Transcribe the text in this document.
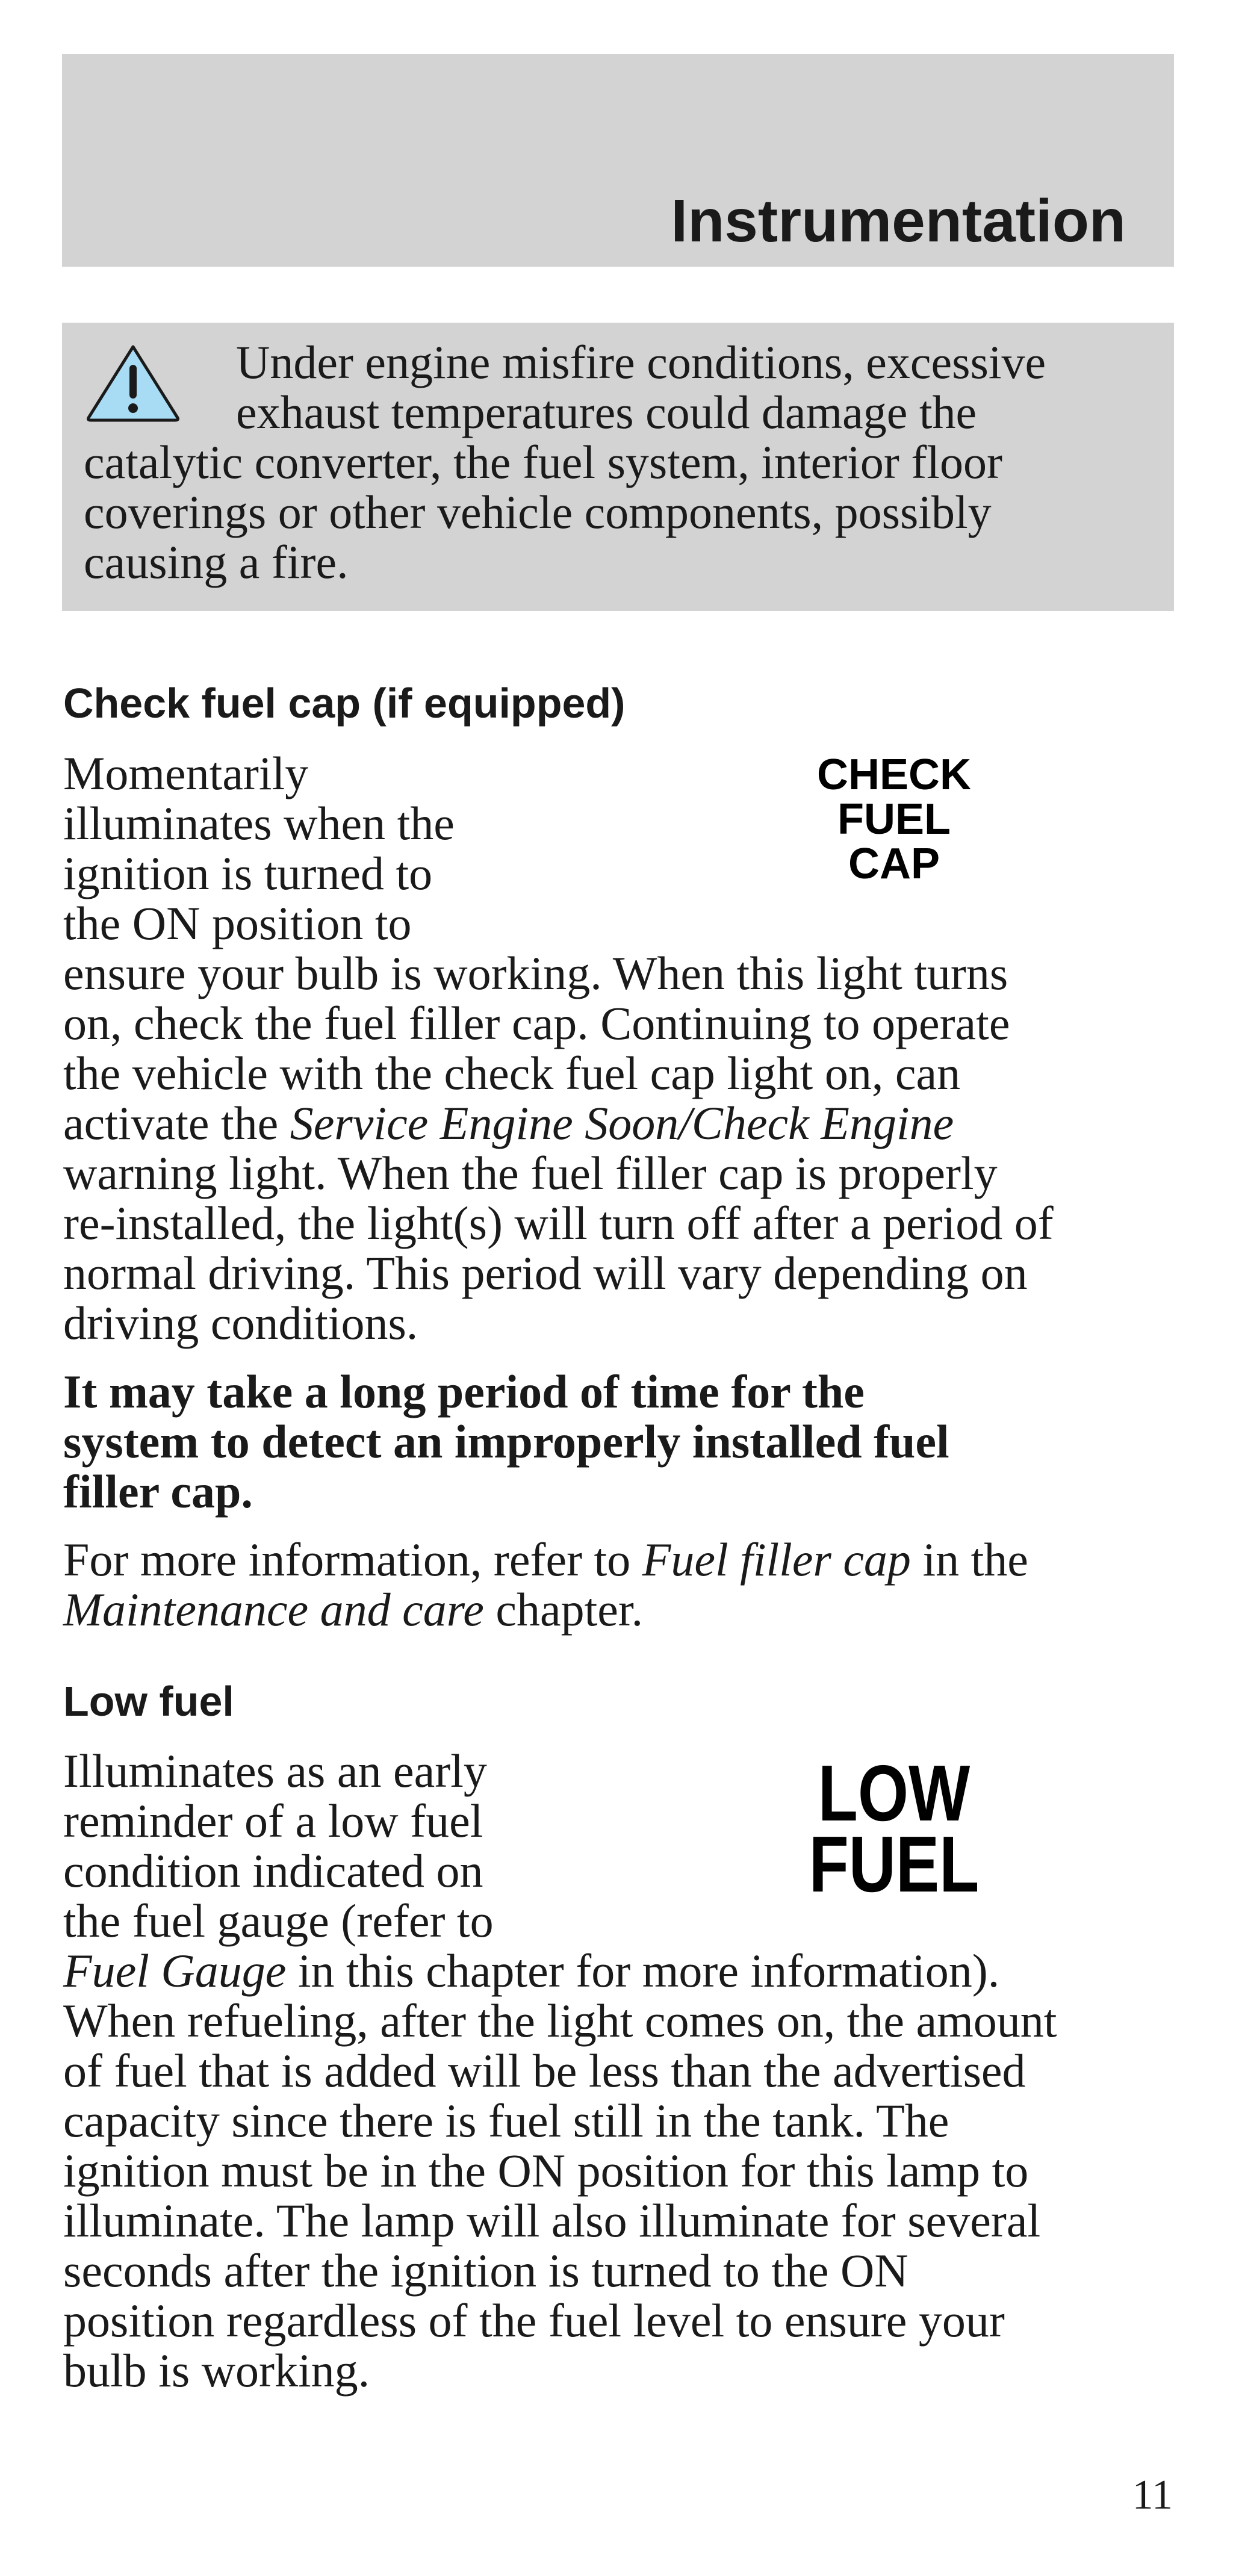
Instrumentation
Under engine misfire conditions, excessive
exhaust temperatures could damage the
catalytic converter, the fuel system, interior floor
coverings or other vehicle components, possibly
causing a fire.
Check fuel cap (if equipped)
CHECK
FUEL
CAP
Momentarily
illuminates when the
ignition is turned to
the ON position to
ensure your bulb is working. When this light turns
on, check the fuel filler cap. Continuing to operate
the vehicle with the check fuel cap light on, can
activate the Service Engine Soon/Check Engine
warning light. When the fuel filler cap is properly
re-installed, the light(s) will turn off after a period of
normal driving. This period will vary depending on
driving conditions.
It may take a long period of time for the
system to detect an improperly installed fuel
filler cap.
For more information, refer to Fuel filler cap in the
Maintenance and care chapter.
Low fuel
LOW
FUEL
Illuminates as an early
reminder of a low fuel
condition indicated on
the fuel gauge (refer to
Fuel Gauge in this chapter for more information).
When refueling, after the light comes on, the amount
of fuel that is added will be less than the advertised
capacity since there is fuel still in the tank. The
ignition must be in the ON position for this lamp to
illuminate. The lamp will also illuminate for several
seconds after the ignition is turned to the ON
position regardless of the fuel level to ensure your
bulb is working.
11
